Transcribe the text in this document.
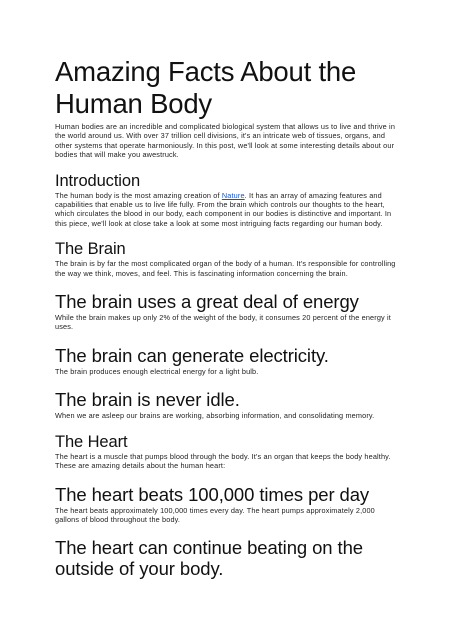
Amazing Facts About the Human Body

Human bodies are an incredible and complicated biological system that allows us to live and thrive in the world around us. With over 37 trillion cell divisions, it's an intricate web of tissues, organs, and other systems that operate harmoniously. In this post, we'll look at some interesting details about our bodies that will make you awestruck.

Introduction

The human body is the most amazing creation of Nature. It has an array of amazing features and capabilities that enable us to live life fully. From the brain which controls our thoughts to the heart, which circulates the blood in our body, each component in our bodies is distinctive and important. In this piece, we'll look at close take a look at some most intriguing facts regarding our human body.

The Brain

The brain is by far the most complicated organ of the body of a human. It's responsible for controlling the way we think, moves, and feel. This is fascinating information concerning the brain.

The brain uses a great deal of energy

While the brain makes up only 2% of the weight of the body, it consumes 20 percent of the energy it uses.

The brain can generate electricity.

The brain produces enough electrical energy for a light bulb.

The brain is never idle.

When we are asleep our brains are working, absorbing information, and consolidating memory.

The Heart

The heart is a muscle that pumps blood through the body. It's an organ that keeps the body healthy. These are amazing details about the human heart:

The heart beats 100,000 times per day

The heart beats approximately 100,000 times every day. The heart pumps approximately 2,000 gallons of blood throughout the body.

The heart can continue beating on the outside of your body.
